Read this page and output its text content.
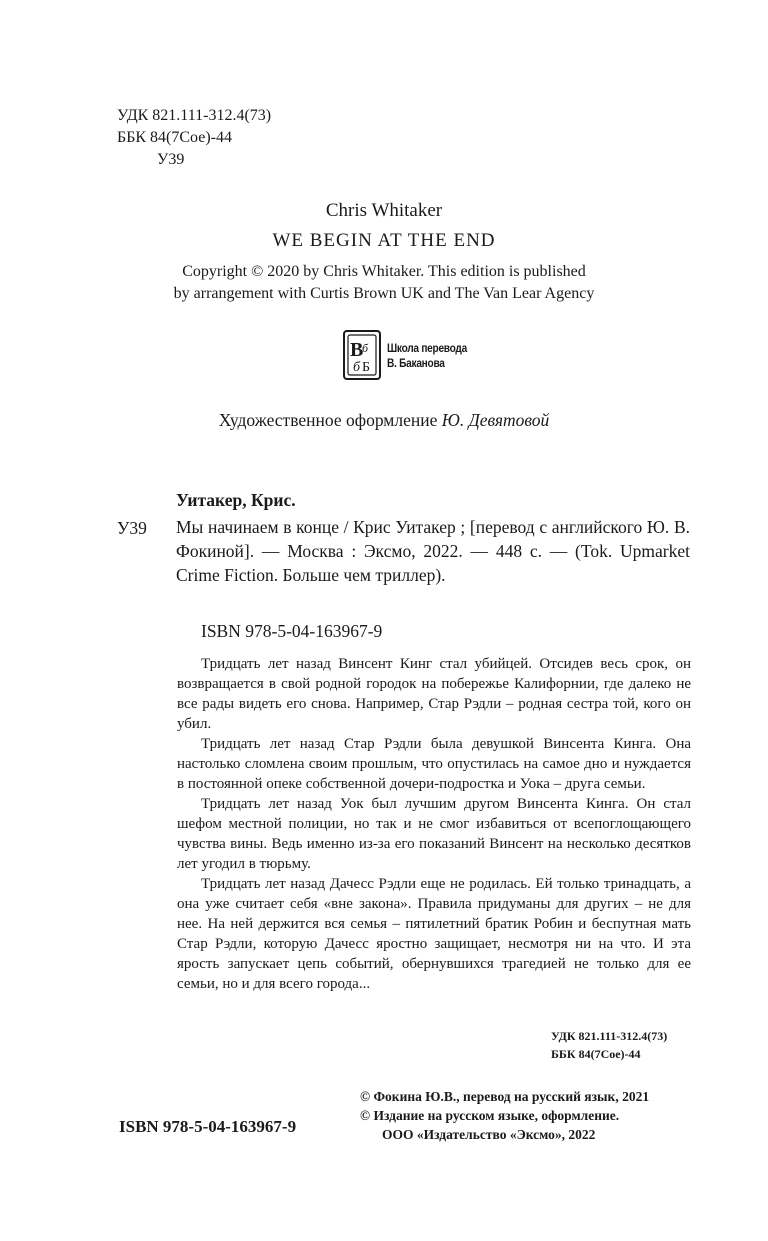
УДК 821.111-312.4(73)
ББК 84(7Сое)-44
У39
Chris Whitaker
WE BEGIN AT THE END
Copyright © 2020 by Chris Whitaker. This edition is published
by arrangement with Curtis Brown UK and The Van Lear Agency
В
б
б Б
Школа перевода
В. Баканова
Художественное оформление Ю. Девятовой
Уитакер, Крис.
У39 Мы начинаем в конце / Крис Уитакер ; [перевод с английского Ю. В. Фокиной]. — Москва : Эксмо, 2022. — 448 с. — (Tok. Upmarket Crime Fiction. Больше чем триллер).
ISBN 978-5-04-163967-9

Тридцать лет назад Винсент Кинг стал убийцей. Отсидев весь срок, он возвращается в свой родной городок на побережье Калифорнии, где далеко не все рады видеть его снова. Например, Стар Рэдли – родная сестра той, кого он убил.

Тридцать лет назад Стар Рэдли была девушкой Винсента Кинга. Она настолько сломлена своим прошлым, что опустилась на самое дно и нуждается в постоянной опеке собственной дочери-подростка и Уока – друга семьи.

Тридцать лет назад Уок был лучшим другом Винсента Кинга. Он стал шефом местной полиции, но так и не смог избавиться от всепоглощающего чувства вины. Ведь именно из-за его показаний Винсент на несколько десятков лет угодил в тюрьму.

Тридцать лет назад Дачесс Рэдли еще не родилась. Ей только тринадцать, а она уже считает себя «вне закона». Правила придуманы для других – не для нее. На ней держится вся семья – пятилетний братик Робин и беспутная мать Стар Рэдли, которую Дачесс яростно защищает, несмотря ни на что. И эта ярость запускает цепь событий, обернувшихся трагедией не только для ее семьи, но и для всего города...

УДК 821.111-312.4(73)
ББК 84(7Сое)-44
ISBN 978-5-04-163967-9
© Фокина Ю.В., перевод на русский язык, 2021
© Издание на русском языке, оформление.
ООО «Издательство «Эксмо», 2022
